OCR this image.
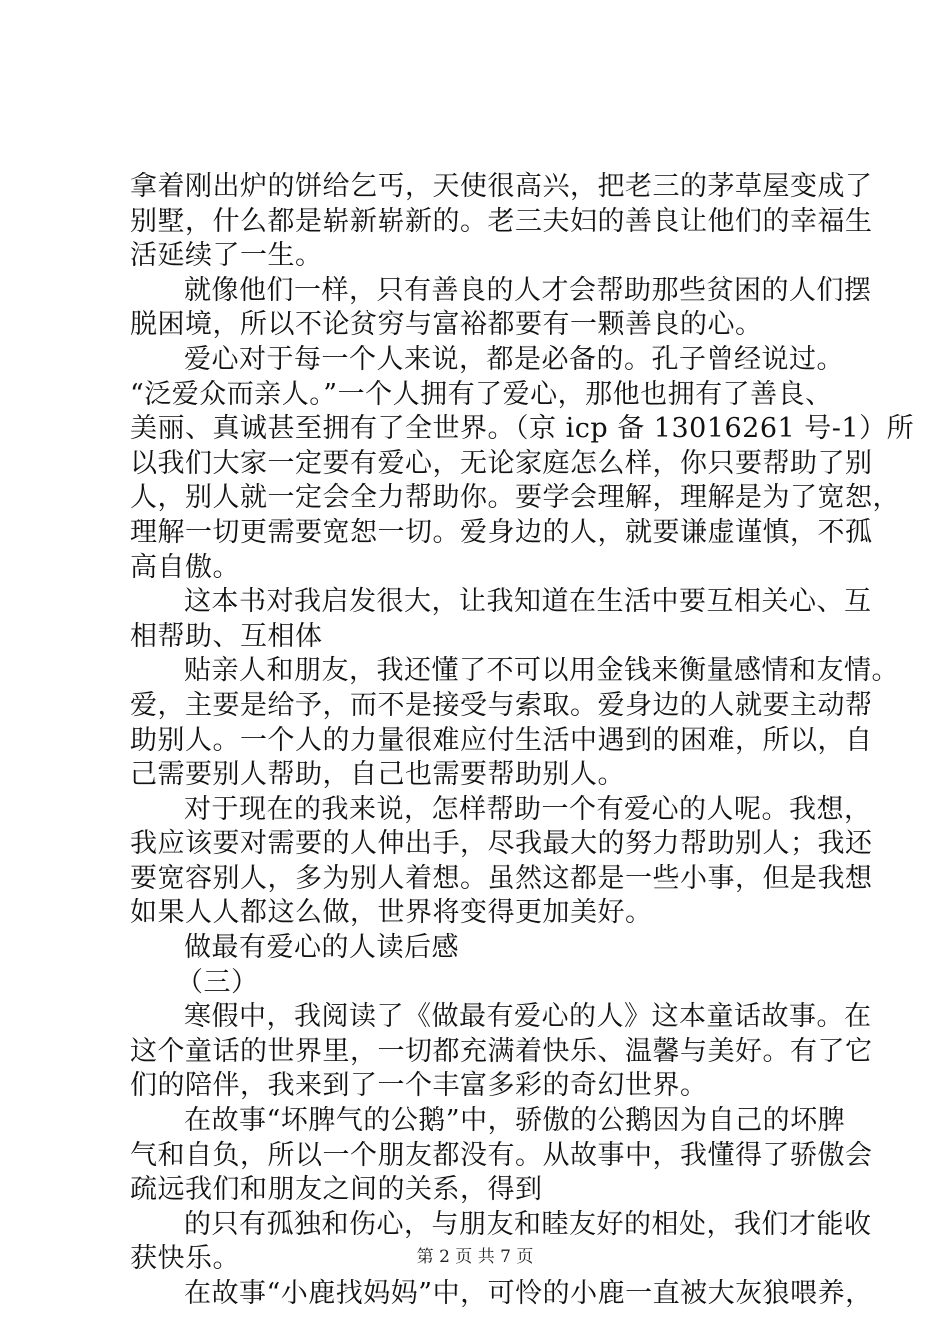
拿着刚出炉的饼给乞丐，天使很高兴，把老三的茅草屋变成了
别墅，什么都是崭新崭新的。老三夫妇的善良让他们的幸福生
活延续了一生。
就像他们一样，只有善良的人才会帮助那些贫困的人们摆
脱困境，所以不论贫穷与富裕都要有一颗善良的心。
爱心对于每一个人来说，都是必备的。孔子曾经说过。
“泛爱众而亲人。”一个人拥有了爱心，那他也拥有了善良、
美丽、真诚甚至拥有了全世界。（京 icp 备 13016261 号-1）所
以我们大家一定要有爱心，无论家庭怎么样，你只要帮助了别
人，别人就一定会全力帮助你。要学会理解，理解是为了宽恕，
理解一切更需要宽恕一切。爱身边的人，就要谦虚谨慎，不孤
高自傲。
这本书对我启发很大，让我知道在生活中要互相关心、互
相帮助、互相体
贴亲人和朋友，我还懂了不可以用金钱来衡量感情和友情。
爱，主要是给予，而不是接受与索取。爱身边的人就要主动帮
助别人。一个人的力量很难应付生活中遇到的困难，所以，自
己需要别人帮助，自己也需要帮助别人。
对于现在的我来说，怎样帮助一个有爱心的人呢。我想，
我应该要对需要的人伸出手，尽我最大的努力帮助别人；我还
要宽容别人，多为别人着想。虽然这都是一些小事，但是我想
如果人人都这么做，世界将变得更加美好。
做最有爱心的人读后感
（三）
寒假中，我阅读了《做最有爱心的人》这本童话故事。在
这个童话的世界里，一切都充满着快乐、温馨与美好。有了它
们的陪伴，我来到了一个丰富多彩的奇幻世界。
在故事“坏脾气的公鹅”中，骄傲的公鹅因为自己的坏脾
气和自负，所以一个朋友都没有。从故事中，我懂得了骄傲会
疏远我们和朋友之间的关系，得到
的只有孤独和伤心，与朋友和睦友好的相处，我们才能收
获快乐。
在故事“小鹿找妈妈”中，可怜的小鹿一直被大灰狼喂养，
第 2 页 共 7 页
